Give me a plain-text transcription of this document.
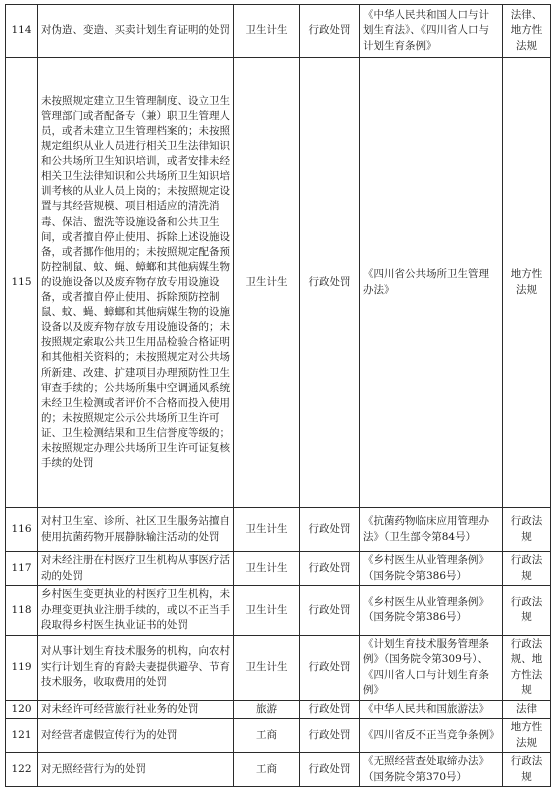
114	对伪造、变造、买卖计划生育证明的处罚	卫生计生	行政处罚	《中华人民共和国人口与计划生育法》、《四川省人口与计划生育条例》	法律、地方性法规
115	未按照规定建立卫生管理制度、设立卫生管理部门或者配备专（兼）职卫生管理人员，或者未建立卫生管理档案的；未按照规定组织从业人员进行相关卫生法律知识和公共场所卫生知识培训，或者安排未经相关卫生法律知识和公共场所卫生知识培训考核的从业人员上岗的；未按照规定设置与其经营规模、项目相适应的清洗消毒、保洁、盥洗等设施设备和公共卫生间，或者擅自停止使用、拆除上述设施设备，或者挪作他用的；未按照规定配备预防控制鼠、蚊、蝇、蟑螂和其他病媒生物的设施设备以及废弃物存放专用设施设备，或者擅自停止使用、拆除预防控制鼠、蚊、蝇、蟑螂和其他病媒生物的设施设备以及废弃物存放专用设施设备的；未按照规定索取公共卫生用品检验合格证明和其他相关资料的；未按照规定对公共场所新建、改建、扩建项目办理预防性卫生审查手续的；公共场所集中空调通风系统未经卫生检测或者评价不合格而投入使用的；未按照规定公示公共场所卫生许可证、卫生检测结果和卫生信誉度等级的；未按照规定办理公共场所卫生许可证复核手续的处罚	卫生计生	行政处罚	《四川省公共场所卫生管理办法》	地方性法规
116	对村卫生室、诊所、社区卫生服务站擅自使用抗菌药物开展静脉输注活动的处罚	卫生计生	行政处罚	《抗菌药物临床应用管理办法》（卫生部令第84号）	行政法规
117	对未经注册在村医疗卫生机构从事医疗活动的处罚	卫生计生	行政处罚	《乡村医生从业管理条例》（国务院令第386号）	行政法规
118	乡村医生变更执业的村医疗卫生机构，未办理变更执业注册手续的，或以不正当手段取得乡村医生执业证书的处罚	卫生计生	行政处罚	《乡村医生从业管理条例》（国务院令第386号）	行政法规
119	对从事计划生育技术服务的机构，向农村实行计划生育的育龄夫妻提供避孕、节育技术服务，收取费用的处罚	卫生计生	行政处罚	《计划生育技术服务管理条例》（国务院令第309号）、《四川省人口与计划生育条例》	行政法规、地方性法规
120	对未经许可经营旅行社业务的处罚	旅游	行政处罚	《中华人民共和国旅游法》	法律
121	对经营者虚假宣传行为的处罚	工商	行政处罚	《四川省反不正当竞争条例》	地方性法规
122	对无照经营行为的处罚	工商	行政处罚	《无照经营查处取缔办法》（国务院令第370号）	行政法规
